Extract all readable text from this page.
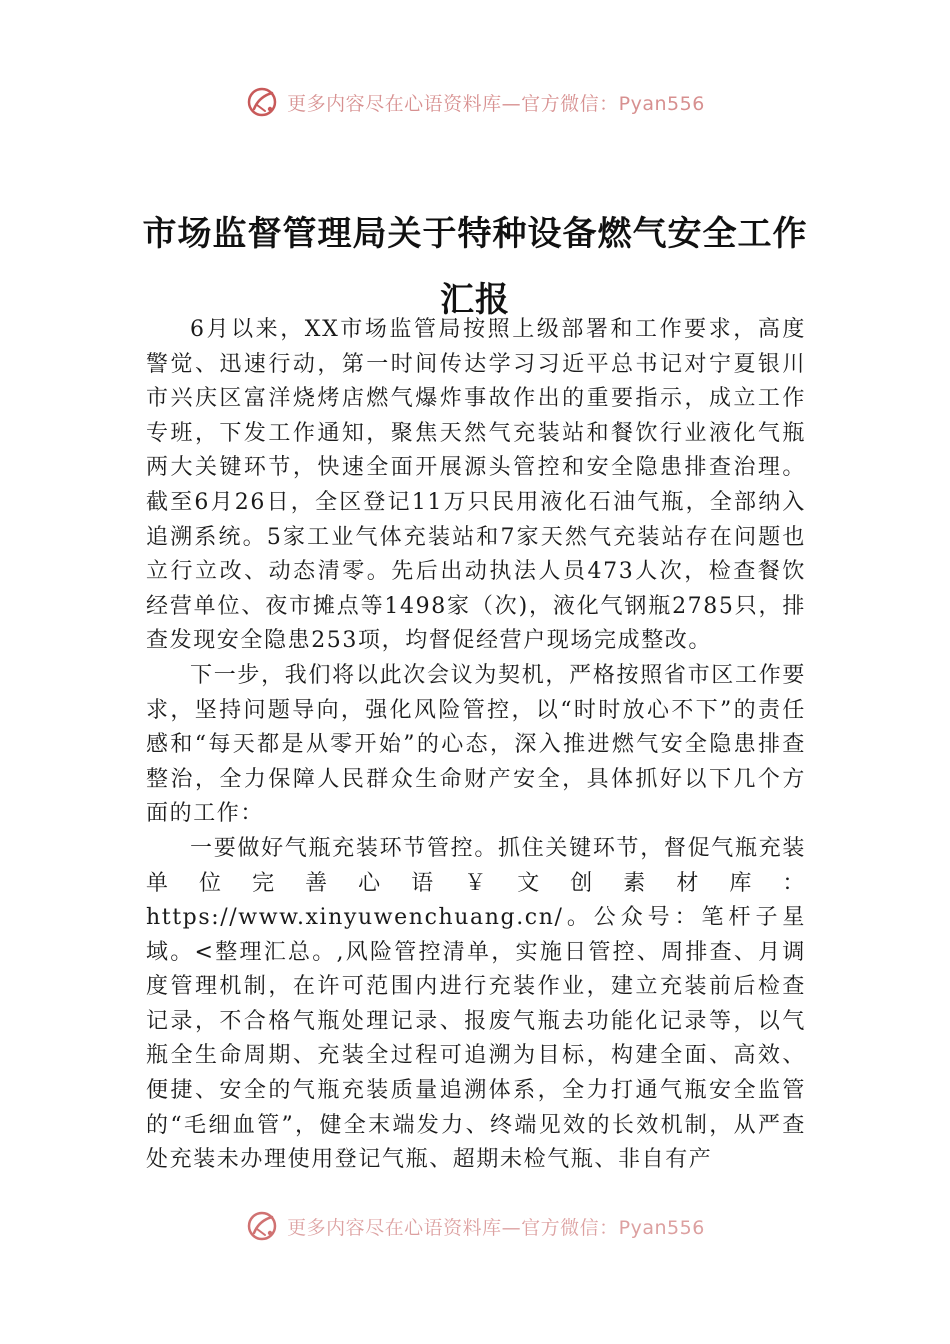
更多内容尽在心语资料库—官方微信：Pyan556
市场监督管理局关于特种设备燃气安全工作汇报

6月以来，XX市场监管局按照上级部署和工作要求，高度警觉、迅速行动，第一时间传达学习习近平总书记对宁夏银川市兴庆区富洋烧烤店燃气爆炸事故作出的重要指示，成立工作专班，下发工作通知，聚焦天然气充装站和餐饮行业液化气瓶两大关键环节，快速全面开展源头管控和安全隐患排查治理。截至6月26日，全区登记11万只民用液化石油气瓶，全部纳入追溯系统。5家工业气体充装站和7家天然气充装站存在问题也立行立改、动态清零。先后出动执法人员473人次，检查餐饮经营单位、夜市摊点等1498家（次)，液化气钢瓶2785只，排查发现安全隐患253项，均督促经营户现场完成整改。

下一步，我们将以此次会议为契机，严格按照省市区工作要求，坚持问题导向，强化风险管控，以“时时放心不下”的责任感和“每天都是从零开始”的心态，深入推进燃气安全隐患排查整治，全力保障人民群众生命财产安全，具体抓好以下几个方面的工作：

一要做好气瓶充装环节管控。抓住关键环节，督促气瓶充装单位完善心语￥文创素材库：https://www.xinyuwenchuang.cn/。公众号：笔杆子星域。<整理汇总。,风险管控清单，实施日管控、周排查、月调度管理机制，在许可范围内进行充装作业，建立充装前后检查记录，不合格气瓶处理记录、报废气瓶去功能化记录等，以气瓶全生命周期、充装全过程可追溯为目标，构建全面、高效、便捷、安全的气瓶充装质量追溯体系，全力打通气瓶安全监管的“毛细血管”，健全末端发力、终端见效的长效机制，从严查处充装未办理使用登记气瓶、超期未检气瓶、非自有产

更多内容尽在心语资料库—官方微信：Pyan556
